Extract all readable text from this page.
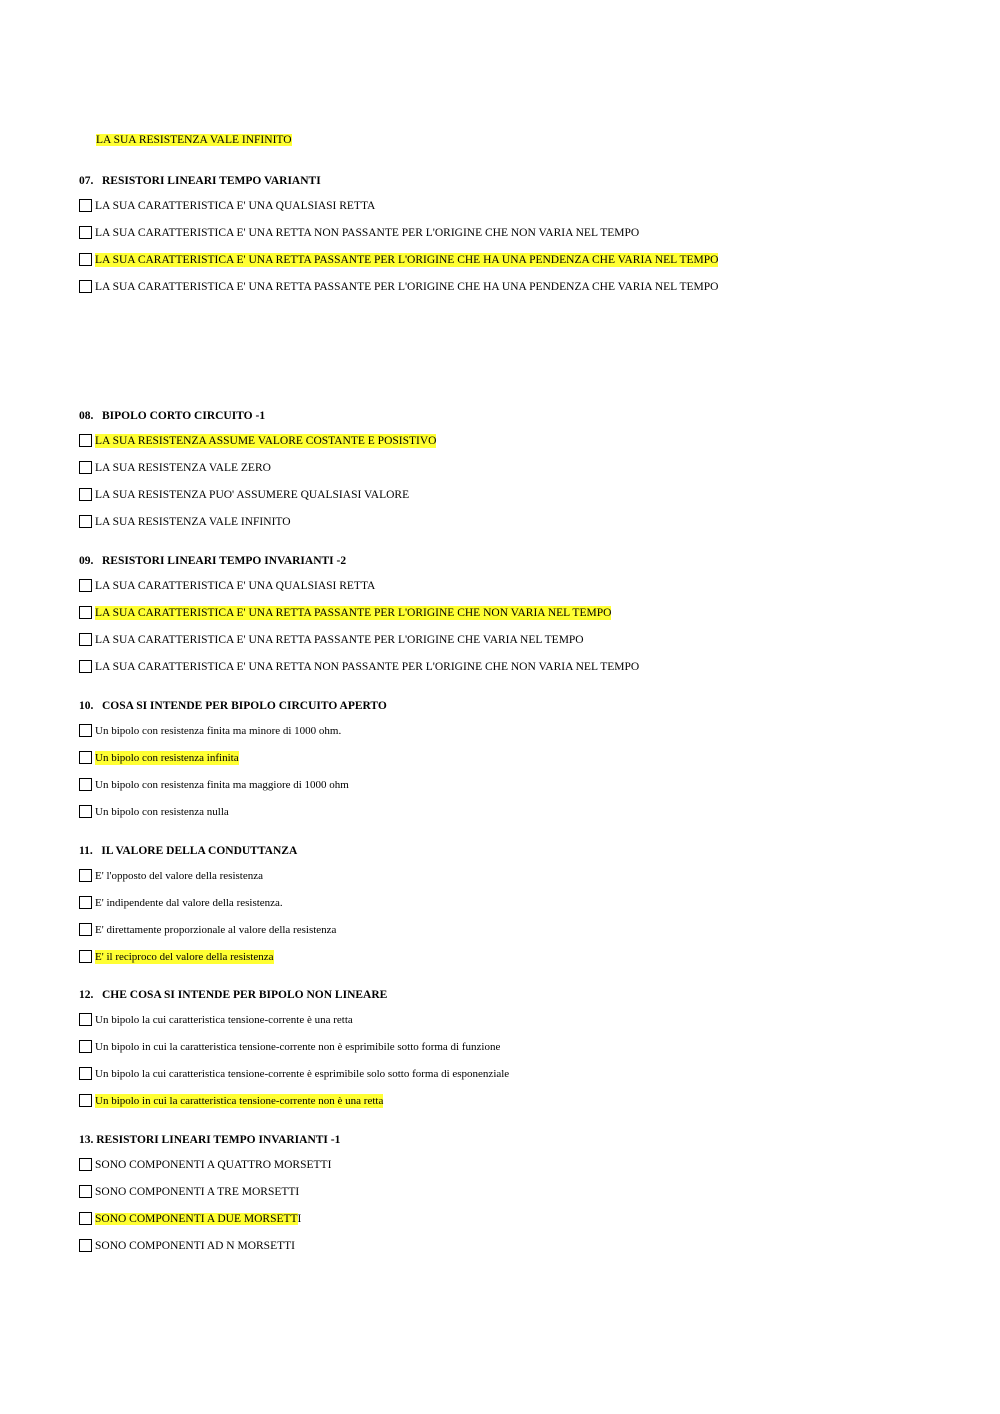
LA SUA RESISTENZA VALE INFINITO

07. RESISTORI LINEARI TEMPO VARIANTI

LA SUA CARATTERISTICA E' UNA QUALSIASI RETTA
LA SUA CARATTERISTICA E' UNA RETTA NON PASSANTE PER L'ORIGINE CHE NON VARIA NEL TEMPO
LA SUA CARATTERISTICA E' UNA RETTA PASSANTE PER L'ORIGINE CHE HA UNA PENDENZA CHE VARIA NEL TEMPO
LA SUA CARATTERISTICA E' UNA RETTA PASSANTE PER L'ORIGINE CHE HA UNA PENDENZA CHE VARIA NEL TEMPO

08. BIPOLO CORTO CIRCUITO -1

LA SUA RESISTENZA ASSUME VALORE COSTANTE E POSISTIVO
LA SUA RESISTENZA VALE ZERO
LA SUA RESISTENZA PUO' ASSUMERE QUALSIASI VALORE
LA SUA RESISTENZA VALE INFINITO

09. RESISTORI LINEARI TEMPO INVARIANTI -2

LA SUA CARATTERISTICA E' UNA QUALSIASI RETTA
LA SUA CARATTERISTICA E' UNA RETTA PASSANTE PER L'ORIGINE CHE NON VARIA NEL TEMPO
LA SUA CARATTERISTICA E' UNA RETTA PASSANTE PER L'ORIGINE CHE VARIA NEL TEMPO
LA SUA CARATTERISTICA E' UNA RETTA NON PASSANTE PER L'ORIGINE CHE NON VARIA NEL TEMPO

10. COSA SI INTENDE PER BIPOLO CIRCUITO APERTO

Un bipolo con resistenza finita ma minore di 1000 ohm.
Un bipolo con resistenza infinita
Un bipolo con resistenza finita ma maggiore di 1000 ohm
Un bipolo con resistenza nulla

11. IL VALORE DELLA CONDUTTANZA

E' l'opposto del valore della resistenza
E' indipendente dal valore della resistenza.
E' direttamente proporzionale al valore della resistenza
E' il reciproco del valore della resistenza

12. CHE COSA SI INTENDE PER BIPOLO NON LINEARE

Un bipolo la cui caratteristica tensione-corrente è una retta
Un bipolo in cui la caratteristica tensione-corrente non è esprimibile sotto forma di funzione
Un bipolo la cui caratteristica tensione-corrente è esprimibile solo sotto forma di esponenziale
Un bipolo in cui la caratteristica tensione-corrente non è una retta

13. RESISTORI LINEARI TEMPO INVARIANTI -1

SONO COMPONENTI A QUATTRO MORSETTI
SONO COMPONENTI A TRE MORSETTI
SONO COMPONENTI A DUE MORSETTI
SONO COMPONENTI AD N MORSETTI
